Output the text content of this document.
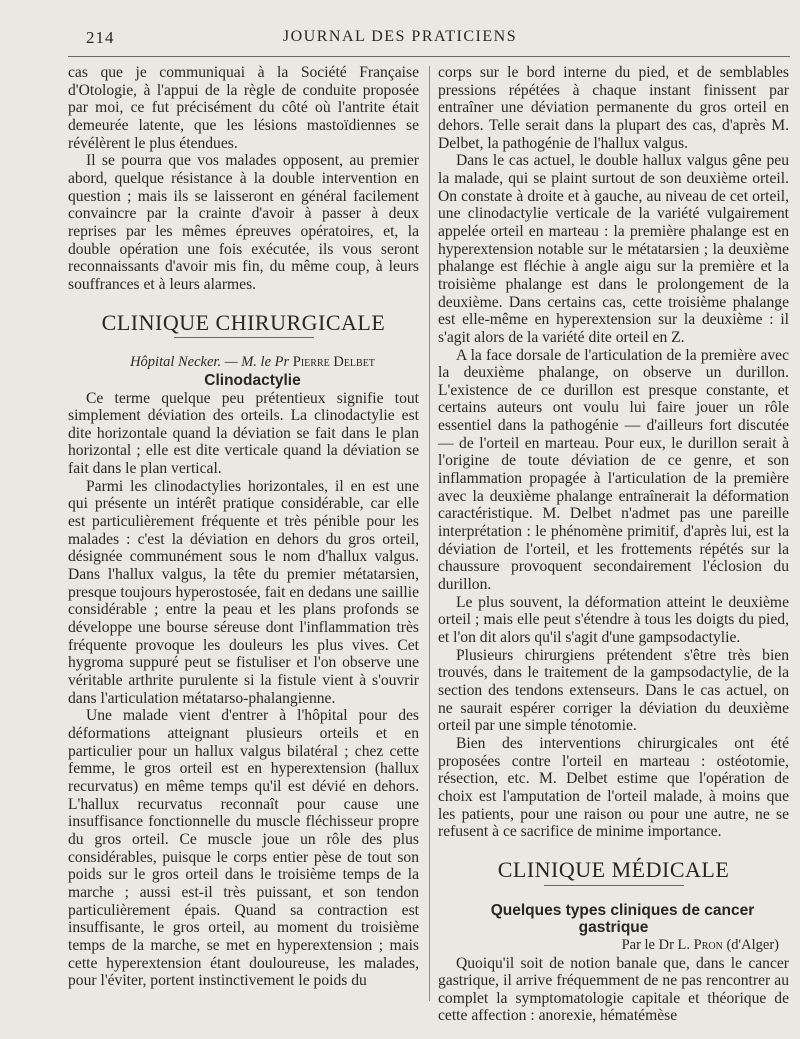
214	JOURNAL DES PRATICIENS

cas que je communiquai à la Société Française d'Otologie, à l'appui de la règle de conduite proposée par moi, ce fut précisément du côté où l'antrite était demeurée latente, que les lésions mastoïdiennes se révélèrent le plus étendues.

Il se pourra que vos malades opposent, au premier abord, quelque résistance à la double intervention en question ; mais ils se laisseront en général facilement convaincre par la crainte d'avoir à passer à deux reprises par les mêmes épreuves opératoires, et, la double opération une fois exécutée, ils vous seront reconnaissants d'avoir mis fin, du même coup, à leurs souffrances et à leurs alarmes.

CLINIQUE CHIRURGICALE

Hôpital Necker. — M. le Pr Pierre Delbet

Clinodactylie

Ce terme quelque peu prétentieux signifie tout simplement déviation des orteils. La clinodactylie est dite horizontale quand la déviation se fait dans le plan horizontal ; elle est dite verticale quand la déviation se fait dans le plan vertical.

Parmi les clinodactylies horizontales, il en est une qui présente un intérêt pratique considérable, car elle est particulièrement fréquente et très pénible pour les malades : c'est la déviation en dehors du gros orteil, désignée communément sous le nom d'hallux valgus. Dans l'hallux valgus, la tête du premier métatarsien, presque toujours hyperostosée, fait en dedans une saillie considérable ; entre la peau et les plans profonds se développe une bourse séreuse dont l'inflammation très fréquente provoque les douleurs les plus vives. Cet hygroma suppuré peut se fistuliser et l'on observe une véritable arthrite purulente si la fistule vient à s'ouvrir dans l'articulation métatarso-phalangienne.

Une malade vient d'entrer à l'hôpital pour des déformations atteignant plusieurs orteils et en particulier pour un hallux valgus bilatéral ; chez cette femme, le gros orteil est en hyperextension (hallux recurvatus) en même temps qu'il est dévié en dehors. L'hallux recurvatus reconnaît pour cause une insuffisance fonctionnelle du muscle fléchisseur propre du gros orteil. Ce muscle joue un rôle des plus considérables, puisque le corps entier pèse de tout son poids sur le gros orteil dans le troisième temps de la marche ; aussi est-il très puissant, et son tendon particulièrement épais. Quand sa contraction est insuffisante, le gros orteil, au moment du troisième temps de la marche, se met en hyperextension ; mais cette hyperextension étant douloureuse, les malades, pour l'éviter, portent instinctivement le poids du

corps sur le bord interne du pied, et de semblables pressions répétées à chaque instant finissent par entraîner une déviation permanente du gros orteil en dehors. Telle serait dans la plupart des cas, d'après M. Delbet, la pathogénie de l'hallux valgus.

Dans le cas actuel, le double hallux valgus gêne peu la malade, qui se plaint surtout de son deuxième orteil. On constate à droite et à gauche, au niveau de cet orteil, une clinodactylie verticale de la variété vulgairement appelée orteil en marteau : la première phalange est en hyperextension notable sur le métatarsien ; la deuxième phalange est fléchie à angle aigu sur la première et la troisième phalange est dans le prolongement de la deuxième. Dans certains cas, cette troisième phalange est elle-même en hyperextension sur la deuxième : il s'agit alors de la variété dite orteil en Z.

A la face dorsale de l'articulation de la première avec la deuxième phalange, on observe un durillon. L'existence de ce durillon est presque constante, et certains auteurs ont voulu lui faire jouer un rôle essentiel dans la pathogénie — d'ailleurs fort discutée — de l'orteil en marteau. Pour eux, le durillon serait à l'origine de toute déviation de ce genre, et son inflammation propagée à l'articulation de la première avec la deuxième phalange entraînerait la déformation caractéristique. M. Delbet n'admet pas une pareille interprétation : le phénomène primitif, d'après lui, est la déviation de l'orteil, et les frottements répétés sur la chaussure provoquent secondairement l'éclosion du durillon.

Le plus souvent, la déformation atteint le deuxième orteil ; mais elle peut s'étendre à tous les doigts du pied, et l'on dit alors qu'il s'agit d'une gampsodactylie.

Plusieurs chirurgiens prétendent s'être très bien trouvés, dans le traitement de la gampsodactylie, de la section des tendons extenseurs. Dans le cas actuel, on ne saurait espérer corriger la déviation du deuxième orteil par une simple ténotomie.

Bien des interventions chirurgicales ont été proposées contre l'orteil en marteau : ostéotomie, résection, etc. M. Delbet estime que l'opération de choix est l'amputation de l'orteil malade, à moins que les patients, pour une raison ou pour une autre, ne se refusent à ce sacrifice de minime importance.

CLINIQUE MÉDICALE

Quelques types cliniques de cancer gastrique

Par le Dr L. Pron (d'Alger)

Quoiqu'il soit de notion banale que, dans le cancer gastrique, il arrive fréquemment de ne pas rencontrer au complet la symptomatologie capitale et théorique de cette affection : anorexie, hématémèse
